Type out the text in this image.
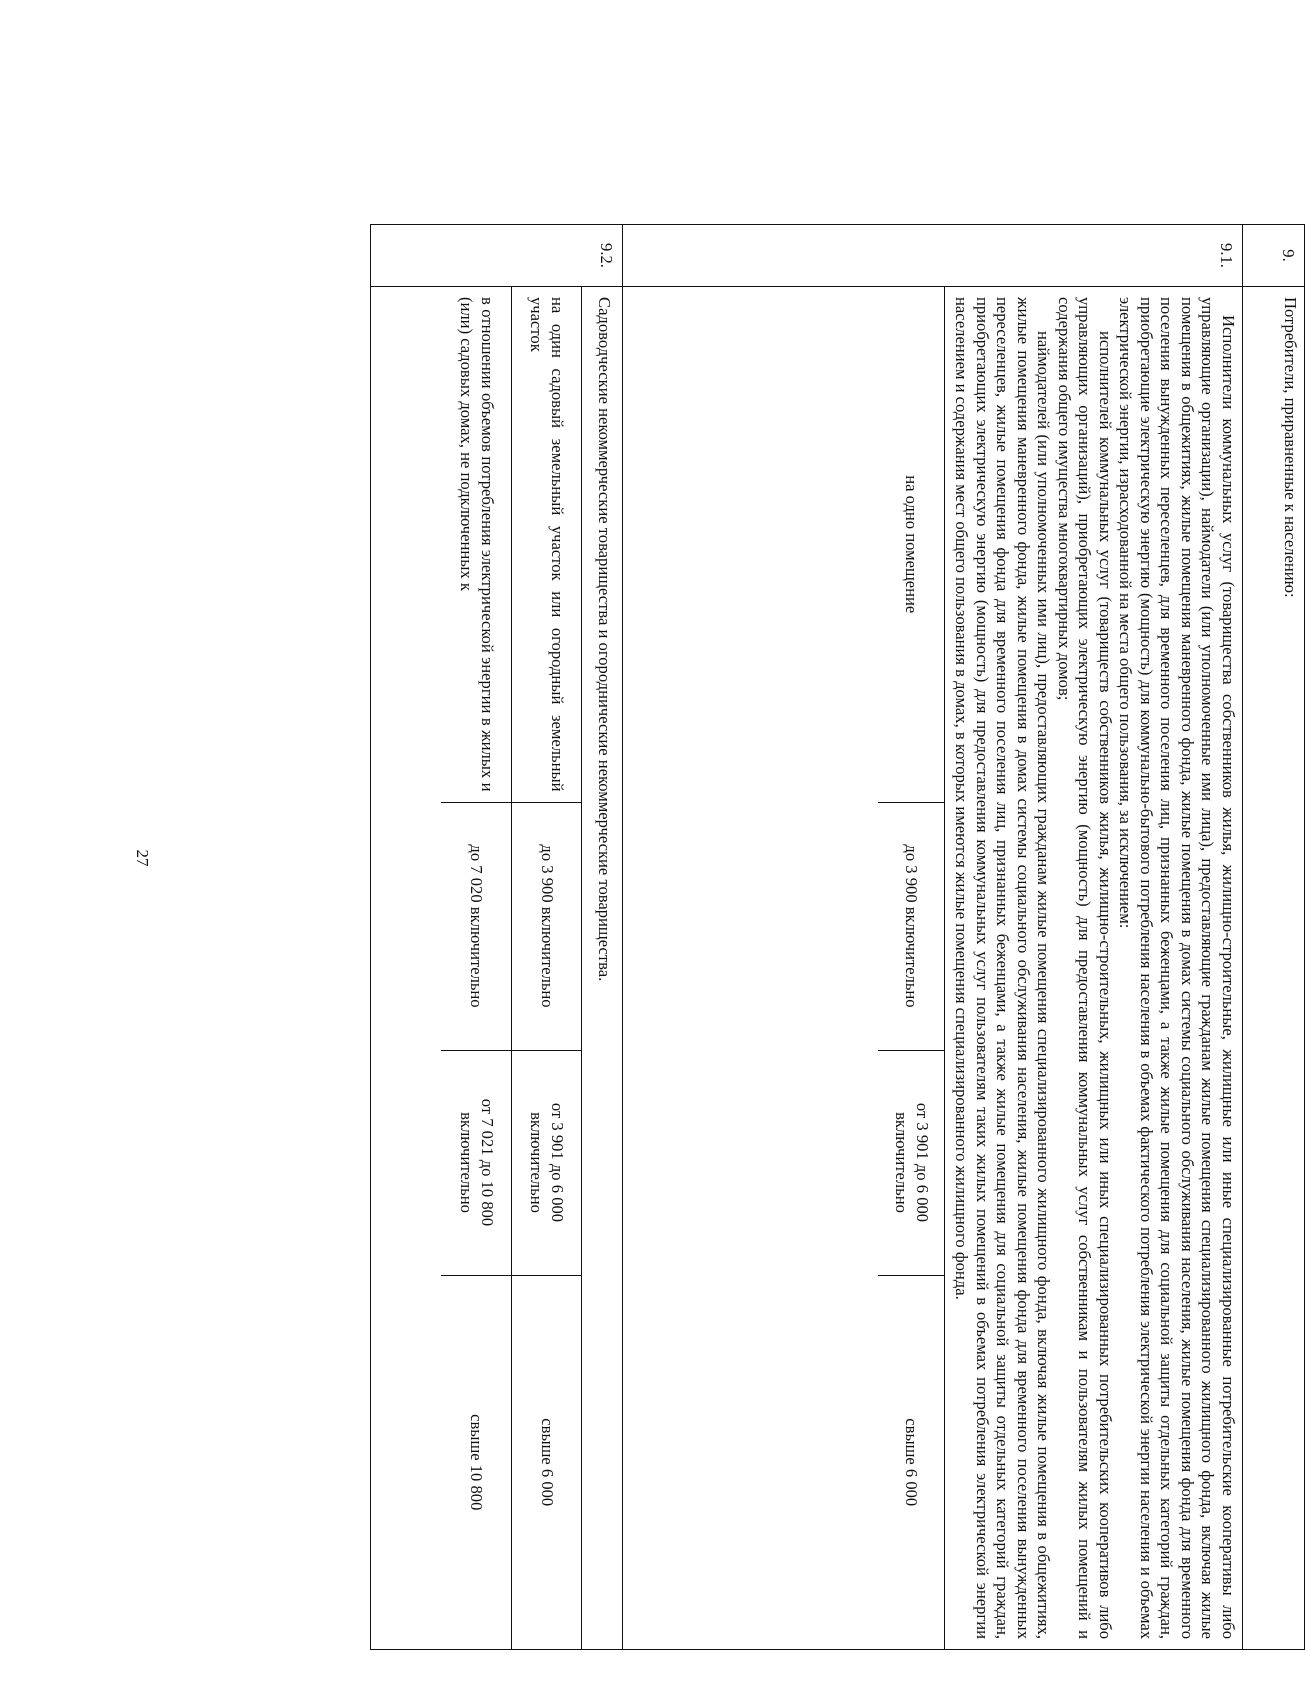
27
9.	Потребители, приравненные к населению:
9.1.	

Исполнители коммунальных услуг (товарищества собственников жилья, жилищно-строительные, жилищные или иные специализированные потребительские кооперативы либо управляющие организации), наймодатели (или уполномоченные ими лица), предоставляющие гражданам жилые помещения специализированного жилищного фонда, включая жилые помещения в общежитиях, жилые помещения маневренного фонда, жилые помещения в домах системы социального обслуживания населения, жилые помещения фонда для временного поселения вынужденных переселенцев, для временного поселения лиц, признанных беженцами, а также жилые помещения для социальной защиты отдельных категорий граждан, приобретающие электрическую энергию (мощность) для коммунально-бытового потребления населения в объемах фактического потребления электрической энергии населения и объемах электрической энергии, израсходованной на места общего пользования, за исключением:

исполнителей коммунальных услуг (товариществ собственников жилья, жилищно-строительных, жилищных или иных специализированных потребительских кооперативов либо управляющих организаций), приобретающих электрическую энергию (мощность) для предоставления коммунальных услуг собственникам и пользователям жилых помещений и содержания общего имущества многоквартирных домов;

наймодателей (или уполномоченных ими лиц), предоставляющих гражданам жилые помещения специализированного жилищного фонда, включая жилые помещения в общежитиях, жилые помещения маневренного фонда, жилые помещения в домах системы социального обслуживания населения, жилые помещения фонда для временного поселения вынужденных переселенцев, жилые помещения фонда для временного поселения лиц, признанных беженцами, а также жилые помещения для социальной защиты отдельных категорий граждан, приобретающих электрическую энергию (мощность) для предоставления коммунальных услуг пользователям таких жилых помещений в объемах потребления электрической энергии населением и содержания мест общего пользования в домах, в которых имеются жилые помещения специализированного жилищного фонда.

на одно помещение	до 3 900 включительно	от 3 901 до 6 000 включительно	свыше 6 000

9.2.	
Садоводческие некоммерческие товарищества и огороднические некоммерческие товарищества.
на один садовый земельный участок или огородный земельный участок	до 3 900 включительно	от 3 901 до 6 000 включительно	свыше 6 000
в отношении объемов потребления электрической энергии в жилых и (или) садовых домах, не подключенных к	до 7 020 включительно	от 7 021 до 10 800 включительно	свыше 10 800
